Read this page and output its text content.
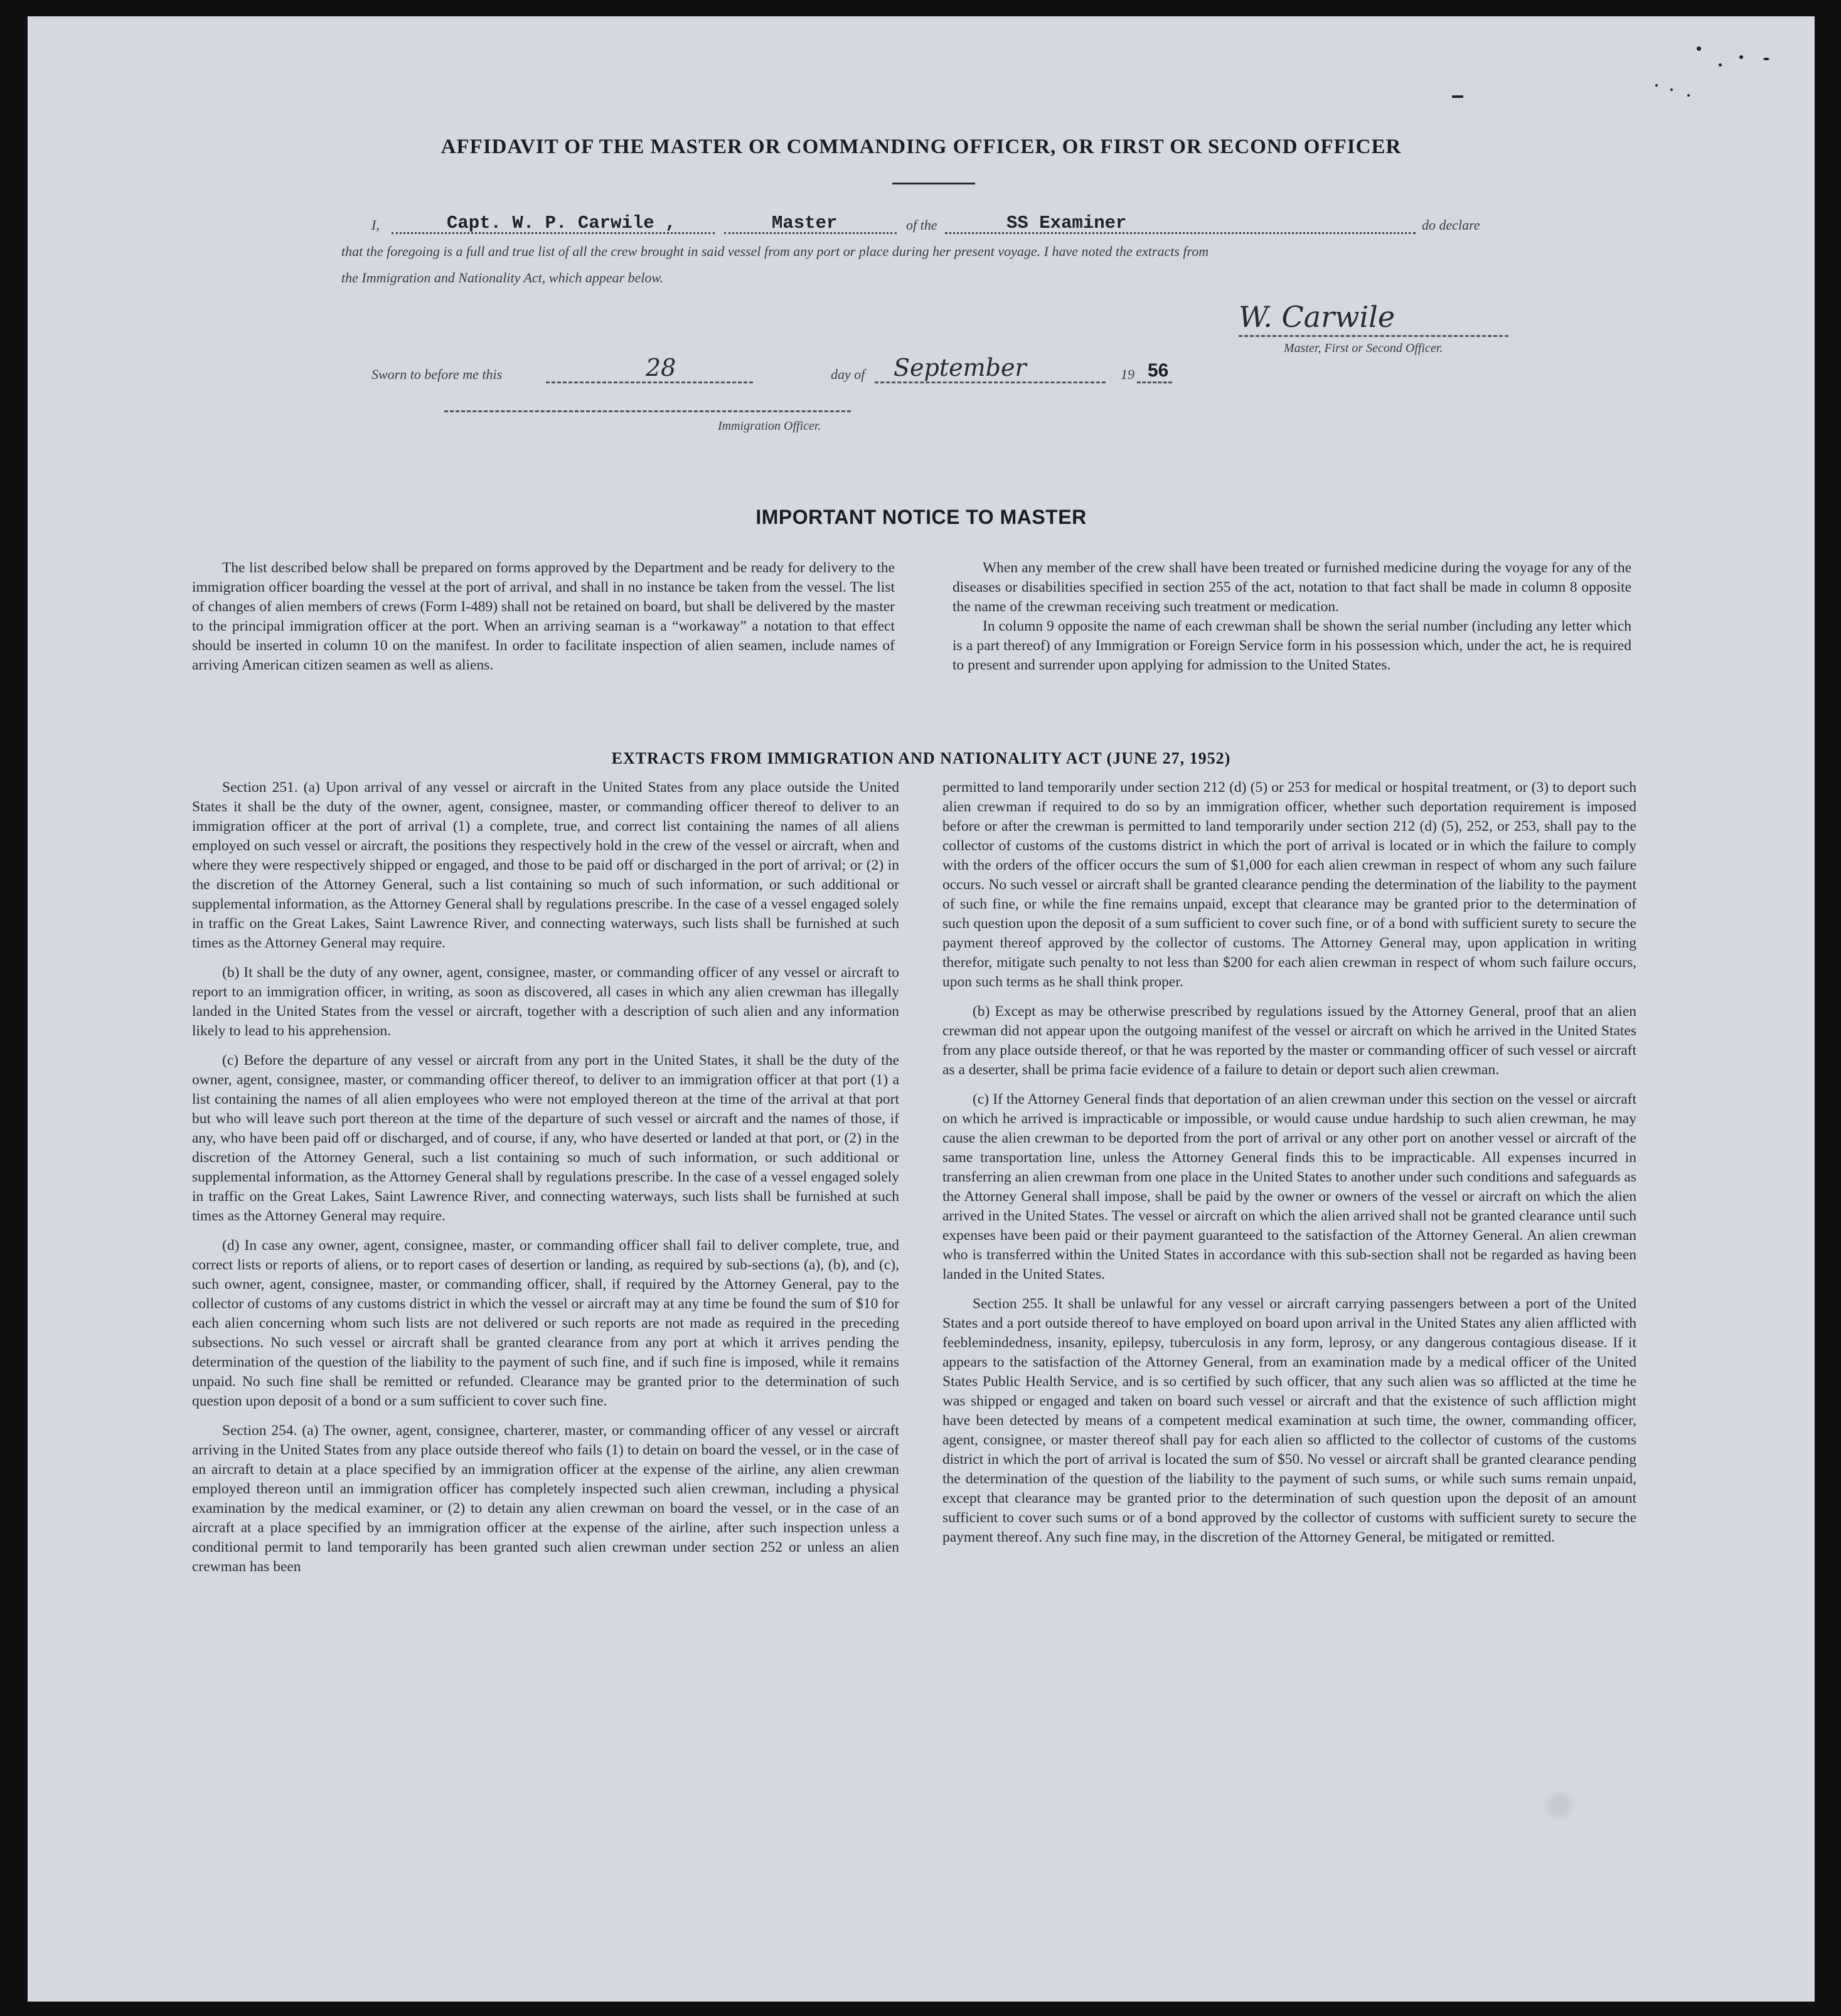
AFFIDAVIT OF THE MASTER OR COMMANDING OFFICER, OR FIRST OR SECOND OFFICER
I,	Capt. W. P. Carwile ,	Master	of the	SS Examiner	do declare
that the foregoing is a full and true list of all the crew brought in said vessel from any port or place during her present voyage. I have noted the extracts from
the Immigration and Nationality Act, which appear below.
W. Carwile
Master, First or Second Officer.
Sworn to before me this	28	day of September	19 56
Immigration Officer.
IMPORTANT NOTICE TO MASTER

The list described below shall be prepared on forms approved by the Department and be ready for delivery to the immigration officer boarding the vessel at the port of arrival, and shall in no instance be taken from the vessel. The list of changes of alien members of crews (Form I-489) shall not be retained on board, but shall be delivered by the master to the principal immigration officer at the port. When an arriving seaman is a “workaway” a notation to that effect should be inserted in column 10 on the manifest. In order to facilitate inspection of alien seamen, include names of arriving American citizen seamen as well as aliens.

When any member of the crew shall have been treated or furnished medicine during the voyage for any of the diseases or disabilities specified in section 255 of the act, notation to that fact shall be made in column 8 opposite the name of the crewman receiving such treatment or medication.

In column 9 opposite the name of each crewman shall be shown the serial number (including any letter which is a part thereof) of any Immigration or Foreign Service form in his possession which, under the act, he is required to present and surrender upon applying for admission to the United States.

EXTRACTS FROM IMMIGRATION AND NATIONALITY ACT (JUNE 27, 1952)

Section 251. (a) Upon arrival of any vessel or aircraft in the United States from any place outside the United States it shall be the duty of the owner, agent, consignee, master, or commanding officer thereof to deliver to an immigration officer at the port of arrival (1) a complete, true, and correct list containing the names of all aliens employed on such vessel or aircraft, the positions they respectively hold in the crew of the vessel or aircraft, when and where they were respectively shipped or engaged, and those to be paid off or discharged in the port of arrival; or (2) in the discretion of the Attorney General, such a list containing so much of such information, or such additional or supplemental information, as the Attorney General shall by regulations prescribe. In the case of a vessel engaged solely in traffic on the Great Lakes, Saint Lawrence River, and connecting waterways, such lists shall be furnished at such times as the Attorney General may require.

(b) It shall be the duty of any owner, agent, consignee, master, or commanding officer of any vessel or aircraft to report to an immigration officer, in writing, as soon as discovered, all cases in which any alien crewman has illegally landed in the United States from the vessel or aircraft, together with a description of such alien and any information likely to lead to his apprehension.

(c) Before the departure of any vessel or aircraft from any port in the United States, it shall be the duty of the owner, agent, consignee, master, or commanding officer thereof, to deliver to an immigration officer at that port (1) a list containing the names of all alien employees who were not employed thereon at the time of the arrival at that port but who will leave such port thereon at the time of the departure of such vessel or aircraft and the names of those, if any, who have been paid off or discharged, and of course, if any, who have deserted or landed at that port, or (2) in the discretion of the Attorney General, such a list containing so much of such information, or such additional or supplemental information, as the Attorney General shall by regulations prescribe. In the case of a vessel engaged solely in traffic on the Great Lakes, Saint Lawrence River, and connecting waterways, such lists shall be furnished at such times as the Attorney General may require.

(d) In case any owner, agent, consignee, master, or commanding officer shall fail to deliver complete, true, and correct lists or reports of aliens, or to report cases of desertion or landing, as required by sub-sections (a), (b), and (c), such owner, agent, consignee, master, or commanding officer, shall, if required by the Attorney General, pay to the collector of customs of any customs district in which the vessel or aircraft may at any time be found the sum of $10 for each alien concerning whom such lists are not delivered or such reports are not made as required in the preceding subsections. No such vessel or aircraft shall be granted clearance from any port at which it arrives pending the determination of the question of the liability to the payment of such fine, and if such fine is imposed, while it remains unpaid. No such fine shall be remitted or refunded. Clearance may be granted prior to the determination of such question upon deposit of a bond or a sum sufficient to cover such fine.

Section 254. (a) The owner, agent, consignee, charterer, master, or commanding officer of any vessel or aircraft arriving in the United States from any place outside thereof who fails (1) to detain on board the vessel, or in the case of an aircraft to detain at a place specified by an immigration officer at the expense of the airline, any alien crewman employed thereon until an immigration officer has completely inspected such alien crewman, including a physical examination by the medical examiner, or (2) to detain any alien crewman on board the vessel, or in the case of an aircraft at a place specified by an immigration officer at the expense of the airline, after such inspection unless a conditional permit to land temporarily has been granted such alien crewman under section 252 or unless an alien crewman has been

permitted to land temporarily under section 212 (d) (5) or 253 for medical or hospital treatment, or (3) to deport such alien crewman if required to do so by an immigration officer, whether such deportation requirement is imposed before or after the crewman is permitted to land temporarily under section 212 (d) (5), 252, or 253, shall pay to the collector of customs of the customs district in which the port of arrival is located or in which the failure to comply with the orders of the officer occurs the sum of $1,000 for each alien crewman in respect of whom any such failure occurs. No such vessel or aircraft shall be granted clearance pending the determination of the liability to the payment of such fine, or while the fine remains unpaid, except that clearance may be granted prior to the determination of such question upon the deposit of a sum sufficient to cover such fine, or of a bond with sufficient surety to secure the payment thereof approved by the collector of customs. The Attorney General may, upon application in writing therefor, mitigate such penalty to not less than $200 for each alien crewman in respect of whom such failure occurs, upon such terms as he shall think proper.

(b) Except as may be otherwise prescribed by regulations issued by the Attorney General, proof that an alien crewman did not appear upon the outgoing manifest of the vessel or aircraft on which he arrived in the United States from any place outside thereof, or that he was reported by the master or commanding officer of such vessel or aircraft as a deserter, shall be prima facie evidence of a failure to detain or deport such alien crewman.

(c) If the Attorney General finds that deportation of an alien crewman under this section on the vessel or aircraft on which he arrived is impracticable or impossible, or would cause undue hardship to such alien crewman, he may cause the alien crewman to be deported from the port of arrival or any other port on another vessel or aircraft of the same transportation line, unless the Attorney General finds this to be impracticable. All expenses incurred in transferring an alien crewman from one place in the United States to another under such conditions and safeguards as the Attorney General shall impose, shall be paid by the owner or owners of the vessel or aircraft on which the alien arrived in the United States. The vessel or aircraft on which the alien arrived shall not be granted clearance until such expenses have been paid or their payment guaranteed to the satisfaction of the Attorney General. An alien crewman who is transferred within the United States in accordance with this sub-section shall not be regarded as having been landed in the United States.

Section 255. It shall be unlawful for any vessel or aircraft carrying passengers between a port of the United States and a port outside thereof to have employed on board upon arrival in the United States any alien afflicted with feeblemindedness, insanity, epilepsy, tuberculosis in any form, leprosy, or any dangerous contagious disease. If it appears to the satisfaction of the Attorney General, from an examination made by a medical officer of the United States Public Health Service, and is so certified by such officer, that any such alien was so afflicted at the time he was shipped or engaged and taken on board such vessel or aircraft and that the existence of such affliction might have been detected by means of a competent medical examination at such time, the owner, commanding officer, agent, consignee, or master thereof shall pay for each alien so afflicted to the collector of customs of the customs district in which the port of arrival is located the sum of $50. No vessel or aircraft shall be granted clearance pending the determination of the question of the liability to the payment of such sums, or while such sums remain unpaid, except that clearance may be granted prior to the determination of such question upon the deposit of an amount sufficient to cover such sums or of a bond approved by the collector of customs with sufficient surety to secure the payment thereof. Any such fine may, in the discretion of the Attorney General, be mitigated or remitted.
